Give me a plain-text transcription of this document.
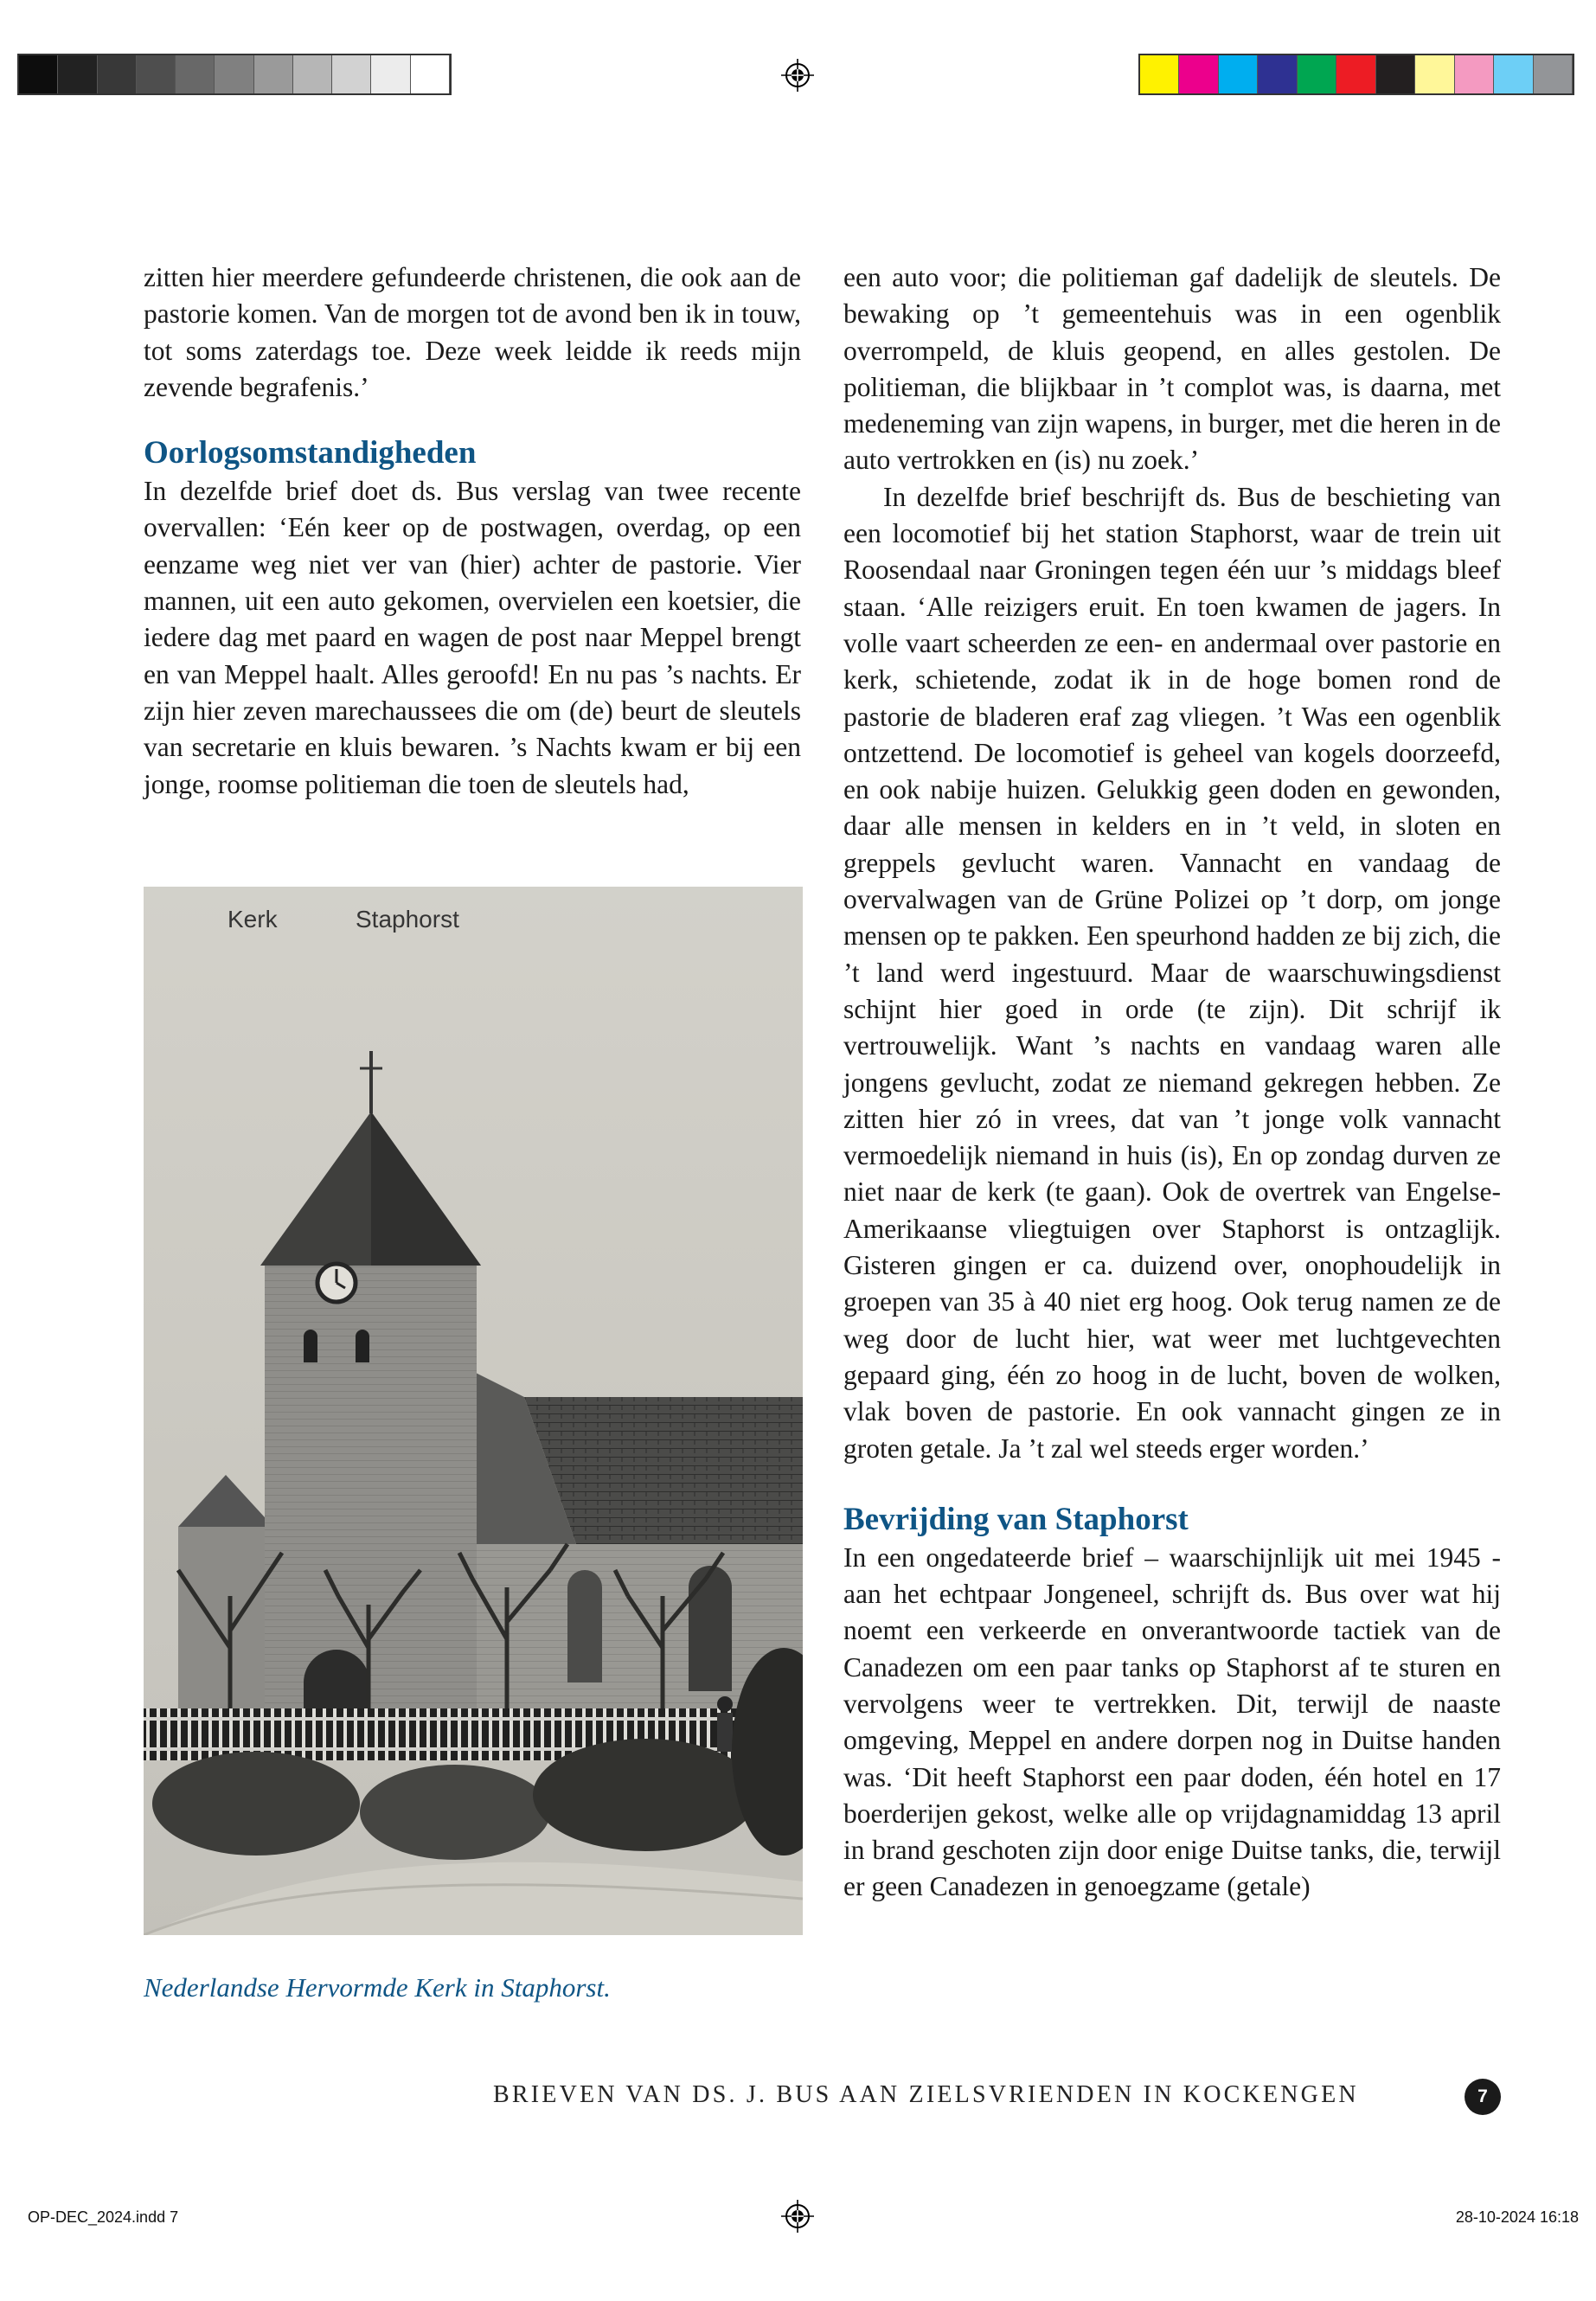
zitten hier meerdere gefundeerde christenen, die ook aan de pastorie komen. Van de morgen tot de avond ben ik in touw, tot soms zaterdags toe. Deze week leidde ik reeds mijn zevende begrafenis.’

Oorlogsomstandigheden

In dezelfde brief doet ds. Bus verslag van twee recente overvallen: ‘Eén keer op de postwagen, overdag, op een eenzame weg niet ver van (hier) achter de pastorie. Vier mannen, uit een auto gekomen, overvielen een koetsier, die iedere dag met paard en wagen de post naar Meppel brengt en van Meppel haalt. Alles geroofd! En nu pas ’s nachts. Er zijn hier zeven marechaussees die om (de) beurt de sleutels van secretarie en kluis bewaren. ’s Nachts kwam er bij een jonge, roomse politieman die toen de sleutels had,

Kerk	Staphorst
Nederlandse Hervormde Kerk in Staphorst.

een auto voor; die politieman gaf dadelijk de sleutels. De bewaking op ’t gemeentehuis was in een ogenblik overrompeld, de kluis geopend, en alles gestolen. De politieman, die blijkbaar in ’t complot was, is daarna, met medeneming van zijn wapens, in burger, met die heren in de auto vertrokken en (is) nu zoek.’

In dezelfde brief beschrijft ds. Bus de beschieting van een locomotief bij het station Staphorst, waar de trein uit Roosendaal naar Groningen tegen één uur ’s middags bleef staan. ‘Alle reizigers eruit. En toen kwamen de jagers. In volle vaart scheerden ze een- en andermaal over pastorie en kerk, schietende, zodat ik in de hoge bomen rond de pastorie de bladeren eraf zag vliegen. ’t Was een ogenblik ontzettend. De locomotief is geheel van kogels doorzeefd, en ook nabije huizen. Gelukkig geen doden en gewonden, daar alle mensen in kelders en in ’t veld, in sloten en greppels gevlucht waren. Vannacht en vandaag de overvalwagen van de Grüne Polizei op ’t dorp, om jonge mensen op te pakken. Een speurhond hadden ze bij zich, die ’t land werd ingestuurd. Maar de waarschuwingsdienst schijnt hier goed in orde (te zijn). Dit schrijf ik vertrouwelijk. Want ’s nachts en vandaag waren alle jongens gevlucht, zodat ze niemand gekregen hebben. Ze zitten hier zó in vrees, dat van ’t jonge volk vannacht vermoedelijk niemand in huis (is), En op zondag durven ze niet naar de kerk (te gaan). Ook de overtrek van Engelse-Amerikaanse vliegtuigen over Staphorst is ontzaglijk. Gisteren gingen er ca. duizend over, onophoudelijk in groepen van 35 à 40 niet erg hoog. Ook terug namen ze de weg door de lucht hier, wat weer met luchtgevechten gepaard ging, één zo hoog in de lucht, boven de wolken, vlak boven de pastorie. En ook vannacht gingen ze in groten getale. Ja ’t zal wel steeds erger worden.’

Bevrijding van Staphorst

In een ongedateerde brief – waarschijnlijk uit mei 1945 - aan het echtpaar Jongeneel, schrijft ds. Bus over wat hij noemt een verkeerde en onverantwoorde tactiek van de Canadezen om een paar tanks op Staphorst af te sturen en vervolgens weer te vertrekken. Dit, terwijl de naaste omgeving, Meppel en andere dorpen nog in Duitse handen was. ‘Dit heeft Staphorst een paar doden, één hotel en 17 boerderijen gekost, welke alle op vrijdagnamiddag 13 april in brand geschoten zijn door enige Duitse tanks, die, terwijl er geen Canadezen in genoegzame (getale)

BRIEVEN VAN DS. J. BUS AAN ZIELSVRIENDEN IN KOCKENGEN	7
OP-DEC_2024.indd 7	28-10-2024 16:18
